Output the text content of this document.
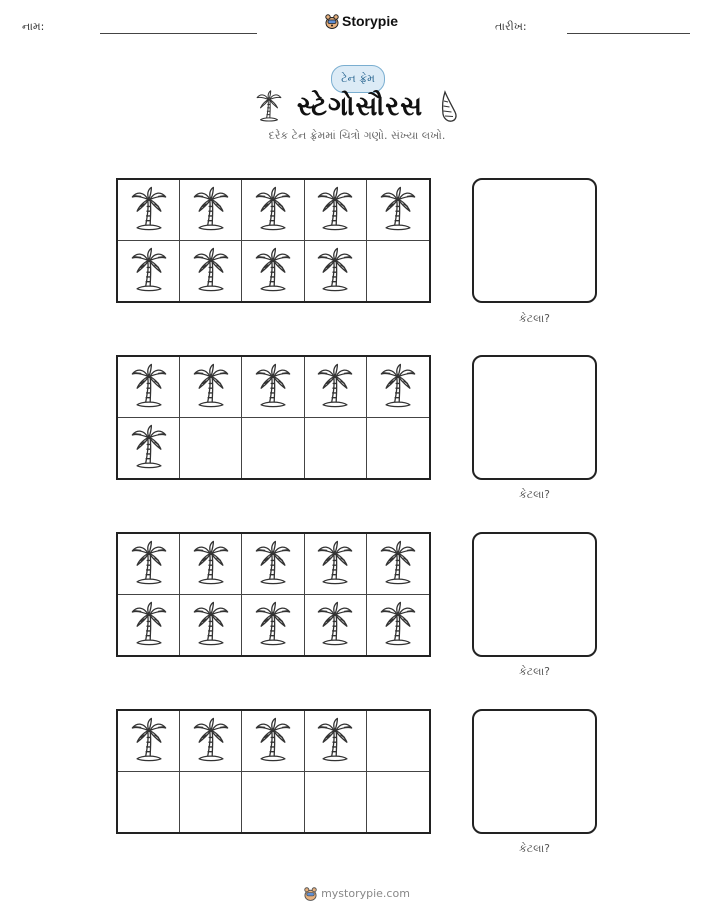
નામ:	Storypie	તારીખ:
ટેન ફ્રેમ
સ્ટેગોસૌરસ
દરેક ટેન ફ્રેમમાં ચિત્રો ગણો. સંખ્યા લખો.
કેટલા?
કેટલા?
કેટલા?
કેટલા?
mystorypie.com
